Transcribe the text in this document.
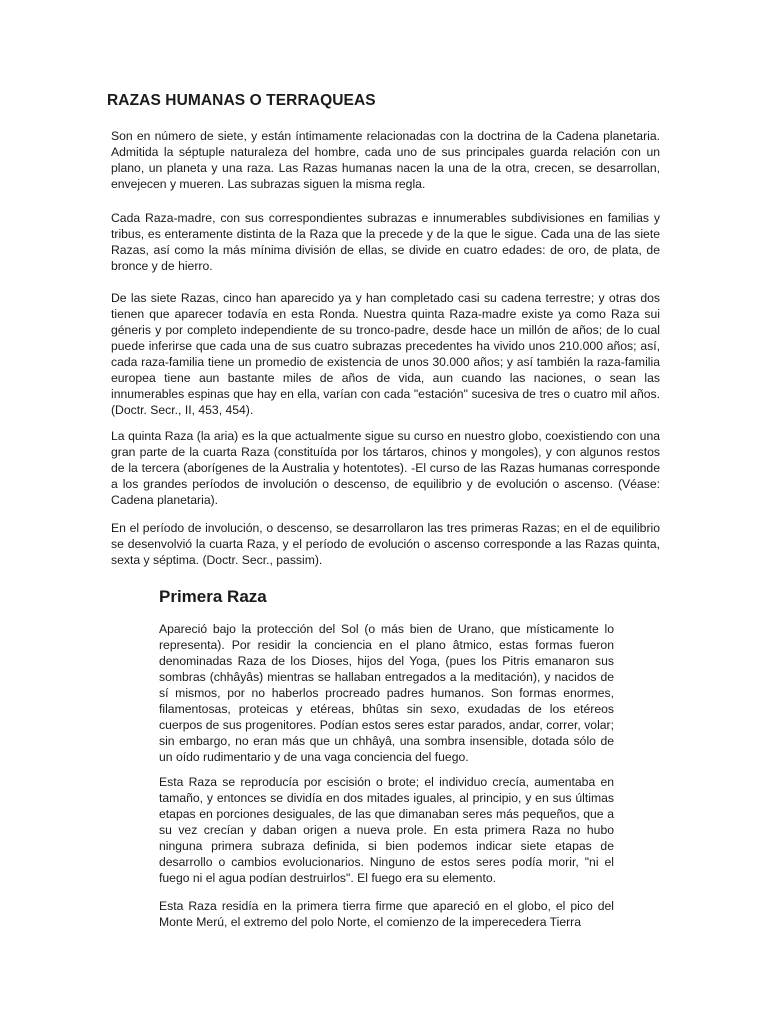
RAZAS HUMANAS O TERRAQUEAS

Son en número de siete, y están íntimamente relacionadas con la doctrina de la Cadena planetaria. Admitida la séptuple naturaleza del hombre, cada uno de sus principales guarda relación con un plano, un planeta y una raza. Las Razas humanas nacen la una de la otra, crecen, se desarrollan, envejecen y mueren. Las subrazas siguen la misma regla.

Cada Raza-madre, con sus correspondientes subrazas e innumerables subdivisiones en familias y tribus, es enteramente distinta de la Raza que la precede y de la que le sigue. Cada una de las siete Razas, así como la más mínima división de ellas, se divide en cuatro edades: de oro, de plata, de bronce y de hierro.

De las siete Razas, cinco han aparecido ya y han completado casi su cadena terrestre; y otras dos tienen que aparecer todavía en esta Ronda. Nuestra quinta Raza-madre existe ya como Raza sui géneris y por completo independiente de su tronco-padre, desde hace un millón de años; de lo cual puede inferirse que cada una de sus cuatro subrazas precedentes ha vivido unos 210.000 años; así, cada raza-familia tiene un promedio de existencia de unos 30.000 años; y así también la raza-familia europea tiene aun bastante miles de años de vida, aun cuando las naciones, o sean las innumerables espinas que hay en ella, varían con cada "estación" sucesiva de tres o cuatro mil años. (Doctr. Secr., II, 453, 454).

La quinta Raza (la aria) es la que actualmente sigue su curso en nuestro globo, coexistiendo con una gran parte de la cuarta Raza (constituída por los tártaros, chinos y mongoles), y con algunos restos de la tercera (aborígenes de la Australia y hotentotes). -El curso de las Razas humanas corresponde a los grandes períodos de involución o descenso, de equilibrio y de evolución o ascenso. (Véase: Cadena planetaria).

En el período de involución, o descenso, se desarrollaron las tres primeras Razas; en el de equilibrio se desenvolvió la cuarta Raza, y el período de evolución o ascenso corresponde a las Razas quinta, sexta y séptima. (Doctr. Secr., passim).

Primera Raza

Apareció bajo la protección del Sol (o más bien de Urano, que místicamente lo representa). Por residir la conciencia en el plano âtmico, estas formas fueron denominadas Raza de los Dioses, hijos del Yoga, (pues los Pitris emanaron sus sombras (chhâyâs) mientras se hallaban entregados a la meditación), y nacidos de sí mismos, por no haberlos procreado padres humanos. Son formas enormes, filamentosas, proteicas y etéreas, bhûtas sin sexo, exudadas de los etéreos cuerpos de sus progenitores. Podían estos seres estar parados, andar, correr, volar; sin embargo, no eran más que un chhâyâ, una sombra insensible, dotada sólo de un oído rudimentario y de una vaga conciencia del fuego.

Esta Raza se reproducía por escisión o brote; el individuo crecía, aumentaba en tamaño, y entonces se dividía en dos mitades iguales, al principio, y en sus últimas etapas en porciones desiguales, de las que dimanaban seres más pequeños, que a su vez crecían y daban origen a nueva prole. En esta primera Raza no hubo ninguna primera subraza definida, si bien podemos indicar siete etapas de desarrollo o cambios evolucionarios. Ninguno de estos seres podía morir, "ni el fuego ni el agua podían destruirlos". El fuego era su elemento.

Esta Raza residía en la primera tierra firme que apareció en el globo, el pico del Monte Merú, el extremo del polo Norte, el comienzo de la imperecedera Tierra
